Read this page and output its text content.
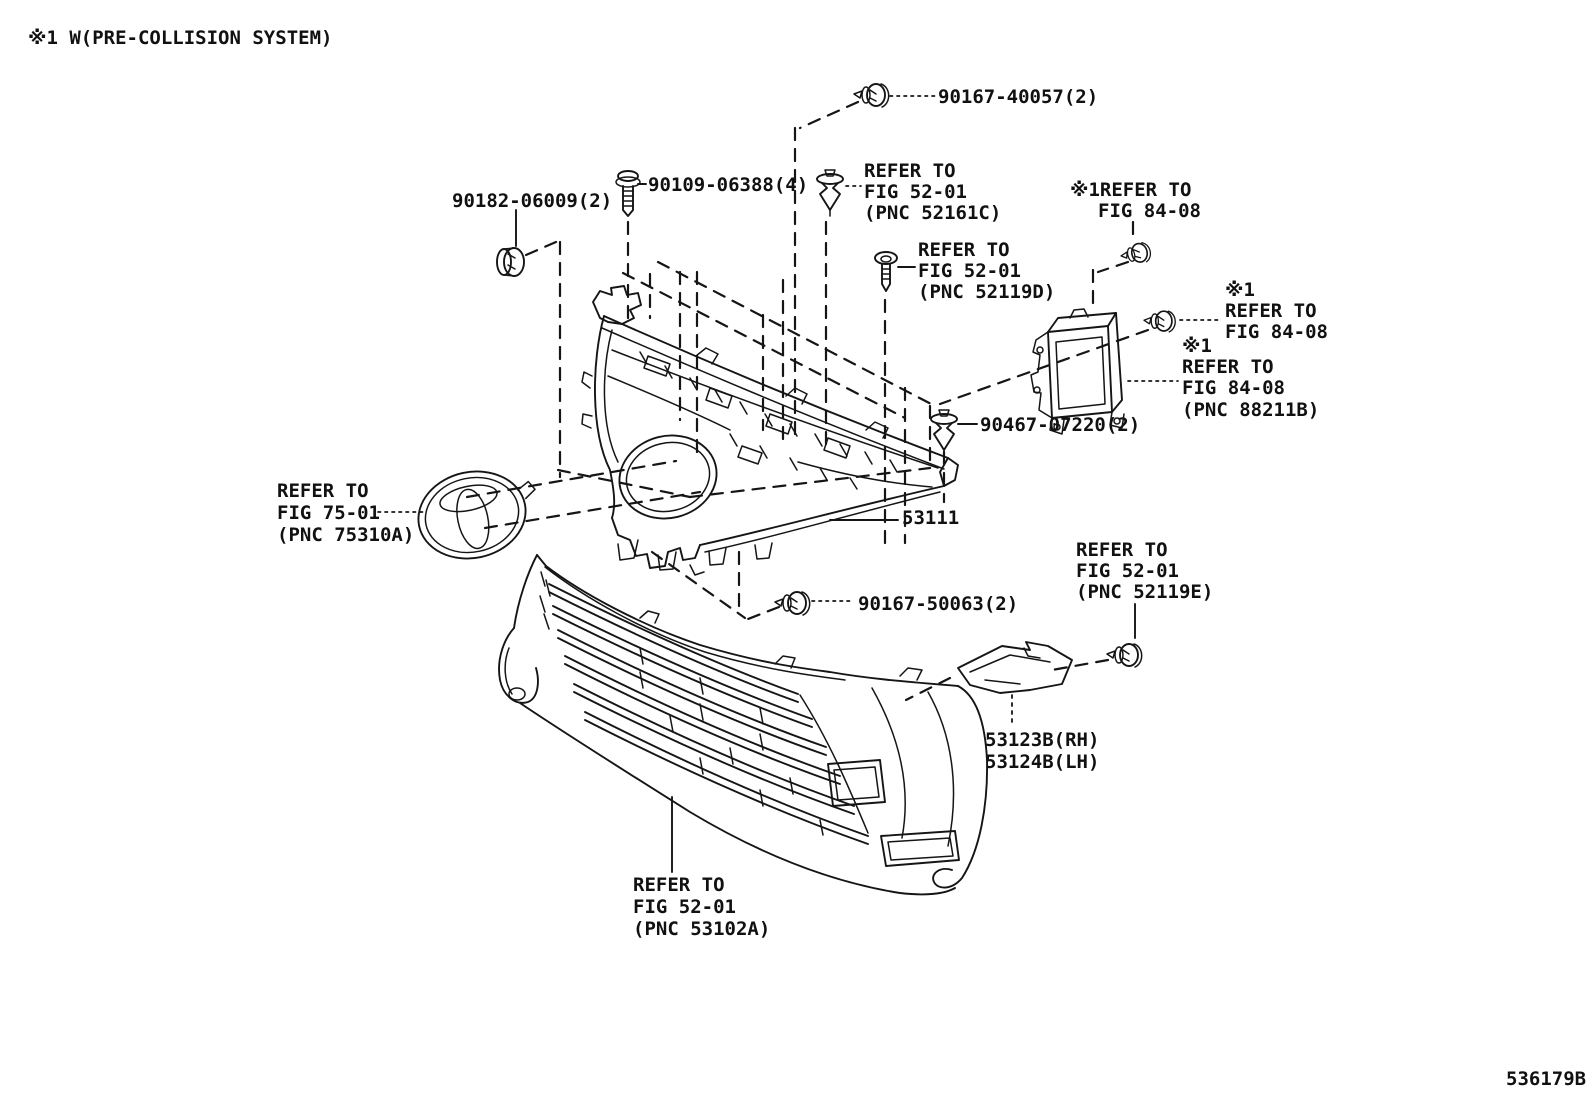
※1 W(PRE-COLLISION SYSTEM)
536179B
90167-40057(2)
90182-06009(2)
90109-06388(4)
REFER TO
FIG 52-01
(PNC 52161C)
REFER TO
FIG 52-01
(PNC 52119D)
※1REFER TO
FIG 84-08
※1
REFER TO
FIG 84-08
※1
REFER TO
FIG 84-08
(PNC 88211B)
90467-07220(2)
REFER TO
FIG 75-01
(PNC 75310A)
53111
90167-50063(2)
REFER TO
FIG 52-01
(PNC 52119E)
53123B(RH)
53124B(LH)
REFER TO
FIG 52-01
(PNC 53102A)
